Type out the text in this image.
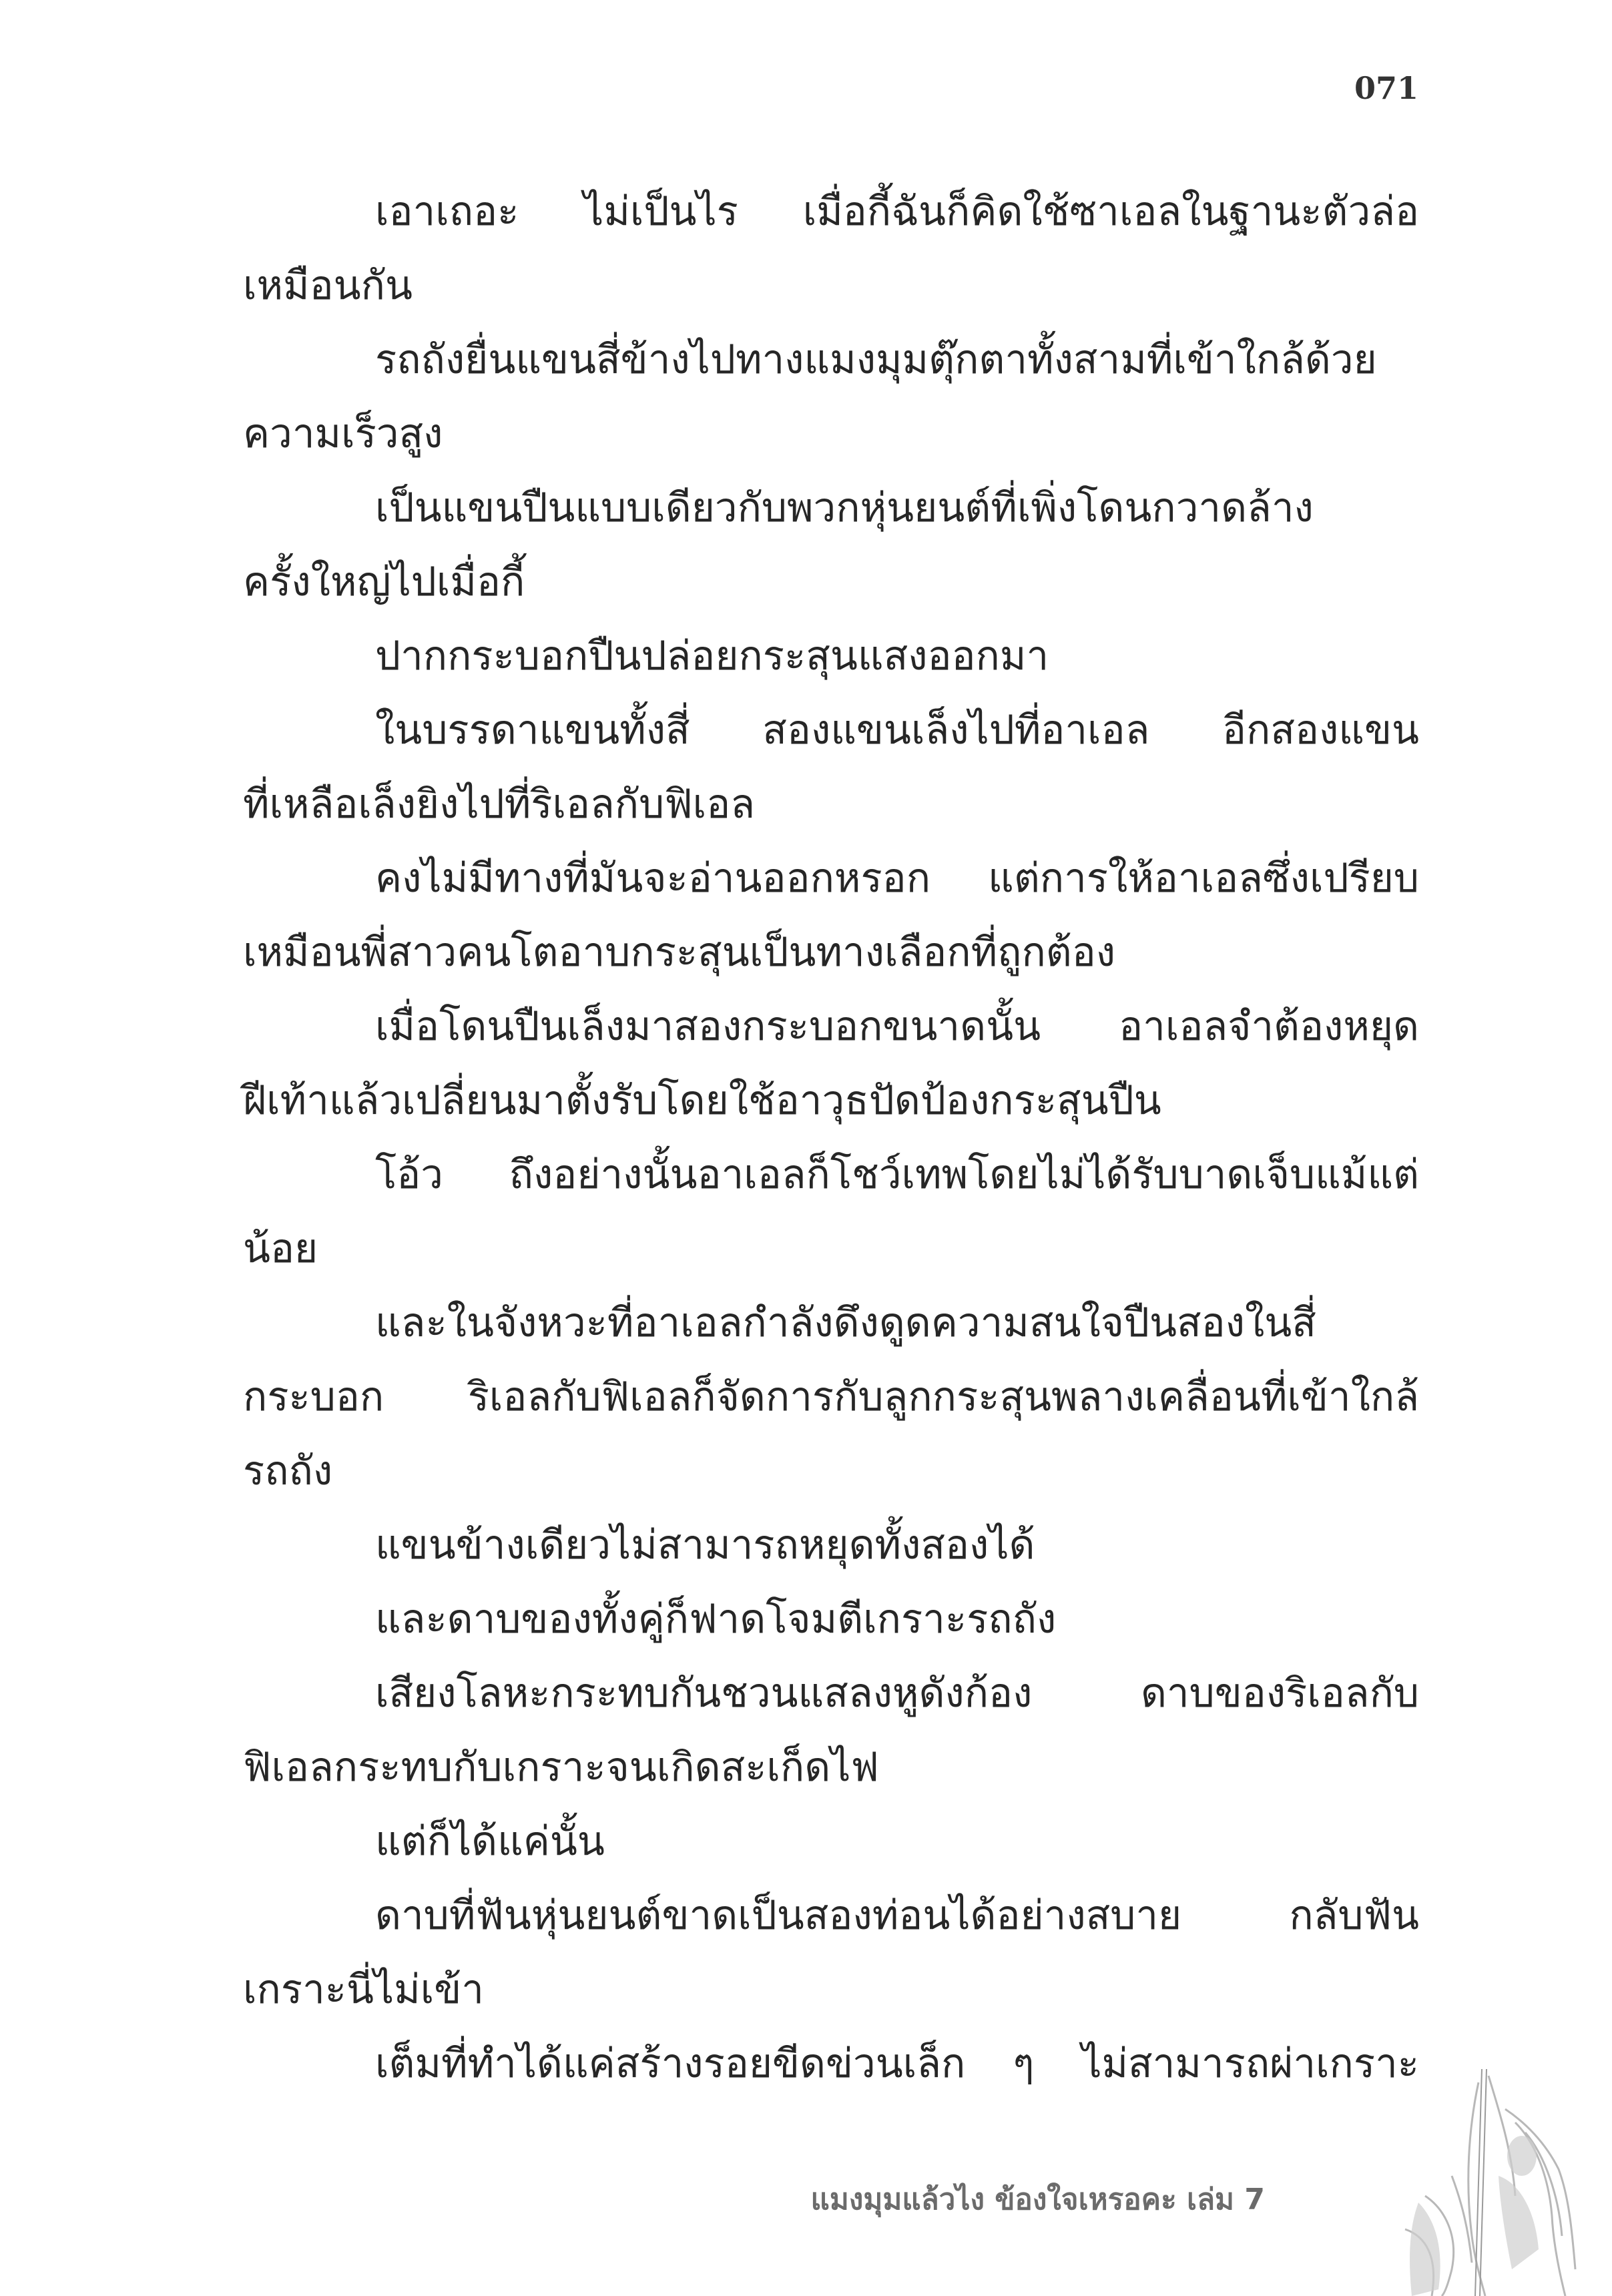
071
เอาเถอะ ไม่เป็นไร เมื่อกี้ฉันก็คิดใช้ซาเอลในฐานะตัวล่อ
เหมือนกัน
รถถังยื่นแขนสี่ข้างไปทางแมงมุมตุ๊กตาทั้งสามที่เข้าใกล้ด้วย
ความเร็วสูง
เป็นแขนปืนแบบเดียวกับพวกหุ่นยนต์ที่เพิ่งโดนกวาดล้าง
ครั้งใหญ่ไปเมื่อกี้
ปากกระบอกปืนปล่อยกระสุนแสงออกมา
ในบรรดาแขนทั้งสี่ สองแขนเล็งไปที่อาเอล อีกสองแขน
ที่เหลือเล็งยิงไปที่ริเอลกับฟิเอล
คงไม่มีทางที่มันจะอ่านออกหรอก แต่การให้อาเอลซึ่งเปรียบ
เหมือนพี่สาวคนโตอาบกระสุนเป็นทางเลือกที่ถูกต้อง
เมื่อโดนปืนเล็งมาสองกระบอกขนาดนั้น อาเอลจำต้องหยุด
ฝีเท้าแล้วเปลี่ยนมาตั้งรับโดยใช้อาวุธปัดป้องกระสุนปืน
โอ้ว ถึงอย่างนั้นอาเอลก็โชว์เทพโดยไม่ได้รับบาดเจ็บแม้แต่
น้อย
และในจังหวะที่อาเอลกำลังดึงดูดความสนใจปืนสองในสี่
กระบอก ริเอลกับฟิเอลก็จัดการกับลูกกระสุนพลางเคลื่อนที่เข้าใกล้
รถถัง
แขนข้างเดียวไม่สามารถหยุดทั้งสองได้
และดาบของทั้งคู่ก็ฟาดโจมตีเกราะรถถัง
เสียงโลหะกระทบกันชวนแสลงหูดังก้อง ดาบของริเอลกับ
ฟิเอลกระทบกับเกราะจนเกิดสะเก็ดไฟ
แต่ก็ได้แค่นั้น
ดาบที่ฟันหุ่นยนต์ขาดเป็นสองท่อนได้อย่างสบาย กลับฟัน
เกราะนี่ไม่เข้า
เต็มที่ทำได้แค่สร้างรอยขีดข่วนเล็ก ๆ ไม่สามารถผ่าเกราะ
แมงมุมแล้วไง ข้องใจเหรอคะ เล่ม 7
